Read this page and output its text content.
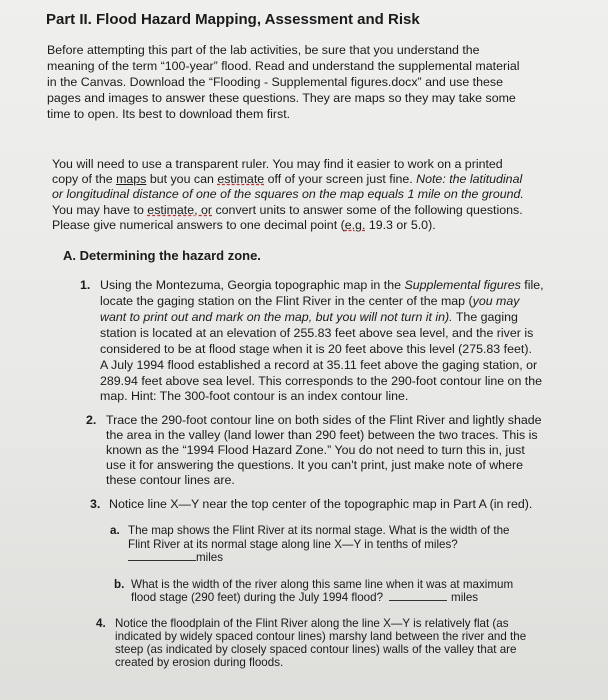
Part II. Flood Hazard Mapping, Assessment and Risk
Before attempting this part of the lab activities, be sure that you understand the
meaning of the term “100-year” flood. Read and understand the supplemental material
in the Canvas. Download the “Flooding - Supplemental figures.docx” and use these
pages and images to answer these questions. They are maps so they may take some
time to open. Its best to download them first.
You will need to use a transparent ruler. You may find it easier to work on a printed
copy of the maps but you can estimate off of your screen just fine. Note: the latitudinal
or longitudinal distance of one of the squares on the map equals 1 mile on the ground.
You may have to estimate, or convert units to answer some of the following questions.
Please give numerical answers to one decimal point (e.g. 19.3 or 5.0).
A. Determining the hazard zone.
1. Using the Montezuma, Georgia topographic map in the Supplemental figures file,
locate the gaging station on the Flint River in the center of the map (you may
want to print out and mark on the map, but you will not turn it in). The gaging
station is located at an elevation of 255.83 feet above sea level, and the river is
considered to be at flood stage when it is 20 feet above this level (275.83 feet).
A July 1994 flood established a record at 35.11 feet above the gaging station, or
289.94 feet above sea level. This corresponds to the 290-foot contour line on the
map. Hint: The 300-foot contour is an index contour line.
2. Trace the 290-foot contour line on both sides of the Flint River and lightly shade
the area in the valley (land lower than 290 feet) between the two traces. This is
known as the “1994 Flood Hazard Zone.” You do not need to turn this in, just
use it for answering the questions. It you can't print, just make note of where
these contour lines are.
3. Notice line X—Y near the top center of the topographic map in Part A (in red).
a. The map shows the Flint River at its normal stage. What is the width of the
Flint River at its normal stage along line X—Y in tenths of miles?
miles
b. What is the width of the river along this same line when it was at maximum
flood stage (290 feet) during the July 1994 flood?	miles
4. Notice the floodplain of the Flint River along the line X—Y is relatively flat (as
indicated by widely spaced contour lines) marshy land between the river and the
steep (as indicated by closely spaced contour lines) walls of the valley that are
created by erosion during floods.
